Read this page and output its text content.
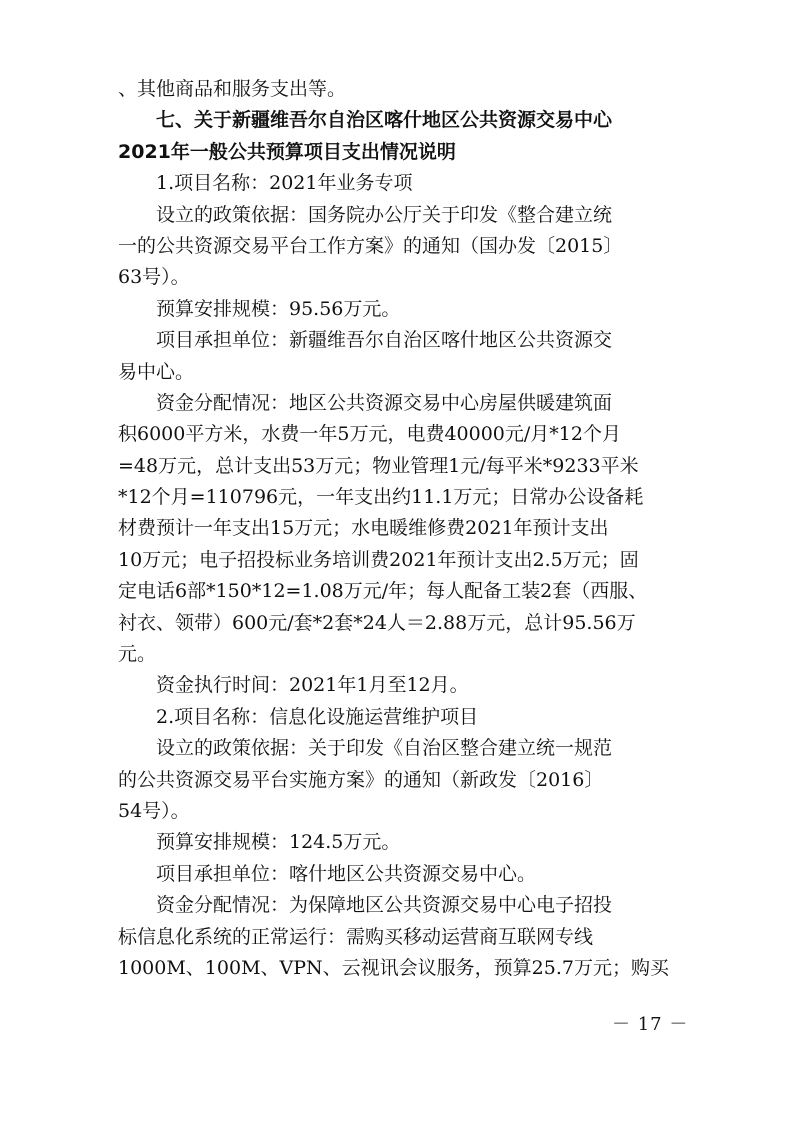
、其他商品和服务支出等。
七、关于新疆维吾尔自治区喀什地区公共资源交易中心
2021年一般公共预算项目支出情况说明
1.项目名称：2021年业务专项
设立的政策依据：国务院办公厅关于印发《整合建立统
一的公共资源交易平台工作方案》的通知（国办发〔2015〕
63号）。
预算安排规模：95.56万元。
项目承担单位：新疆维吾尔自治区喀什地区公共资源交
易中心。
资金分配情况：地区公共资源交易中心房屋供暖建筑面
积6000平方米，水费一年5万元，电费40000元/月*12个月
=48万元，总计支出53万元；物业管理1元/每平米*9233平米
*12个月=110796元，一年支出约11.1万元；日常办公设备耗
材费预计一年支出15万元；水电暖维修费2021年预计支出
10万元；电子招投标业务培训费2021年预计支出2.5万元；固
定电话6部*150*12=1.08万元/年；每人配备工装2套（西服、
衬衣、领带）600元/套*2套*24人＝2.88万元，总计95.56万
元。
资金执行时间：2021年1月至12月。
2.项目名称：信息化设施运营维护项目
设立的政策依据：关于印发《自治区整合建立统一规范
的公共资源交易平台实施方案》的通知（新政发〔2016〕
54号）。
预算安排规模：124.5万元。
项目承担单位：喀什地区公共资源交易中心。
资金分配情况：为保障地区公共资源交易中心电子招投
标信息化系统的正常运行：需购买移动运营商互联网专线
1000M、100M、VPN、云视讯会议服务，预算25.7万元；购买
－ 17 －
